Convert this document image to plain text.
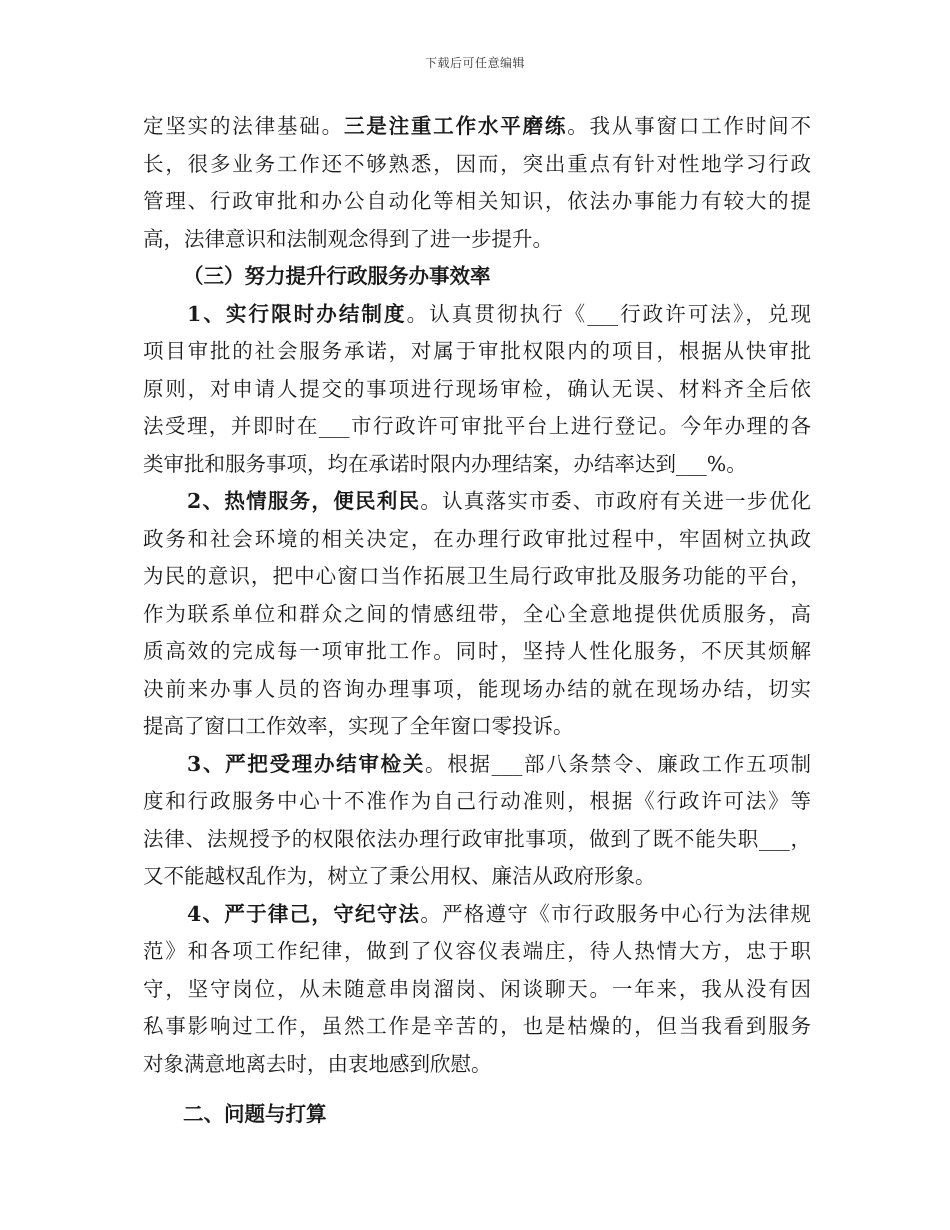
下载后可任意编辑
定坚实的法律基础。三是注重工作水平磨练。我从事窗口工作时间不
长，很多业务工作还不够熟悉，因而，突出重点有针对性地学习行政
管理、行政审批和办公自动化等相关知识，依法办事能力有较大的提
高，法律意识和法制观念得到了进一步提升。
（三）努力提升行政服务办事效率
1、实行限时办结制度。认真贯彻执行《___行政许可法》，兑现
项目审批的社会服务承诺，对属于审批权限内的项目，根据从快审批
原则，对申请人提交的事项进行现场审检，确认无误、材料齐全后依
法受理，并即时在___市行政许可审批平台上进行登记。今年办理的各
类审批和服务事项，均在承诺时限内办理结案，办结率达到___%。
2、热情服务，便民利民。认真落实市委、市政府有关进一步优化
政务和社会环境的相关决定，在办理行政审批过程中，牢固树立执政
为民的意识，把中心窗口当作拓展卫生局行政审批及服务功能的平台，
作为联系单位和群众之间的情感纽带，全心全意地提供优质服务，高
质高效的完成每一项审批工作。同时，坚持人性化服务，不厌其烦解
决前来办事人员的咨询办理事项，能现场办结的就在现场办结，切实
提高了窗口工作效率，实现了全年窗口零投诉。
3、严把受理办结审检关。根据___部八条禁令、廉政工作五项制
度和行政服务中心十不准作为自己行动准则，根据《行政许可法》等
法律、法规授予的权限依法办理行政审批事项，做到了既不能失职___，
又不能越权乱作为，树立了秉公用权、廉洁从政府形象。
4、严于律己，守纪守法。严格遵守《市行政服务中心行为法律规
范》和各项工作纪律，做到了仪容仪表端庄，待人热情大方，忠于职
守，坚守岗位，从未随意串岗溜岗、闲谈聊天。一年来，我从没有因
私事影响过工作，虽然工作是辛苦的，也是枯燥的，但当我看到服务
对象满意地离去时，由衷地感到欣慰。
二、问题与打算
